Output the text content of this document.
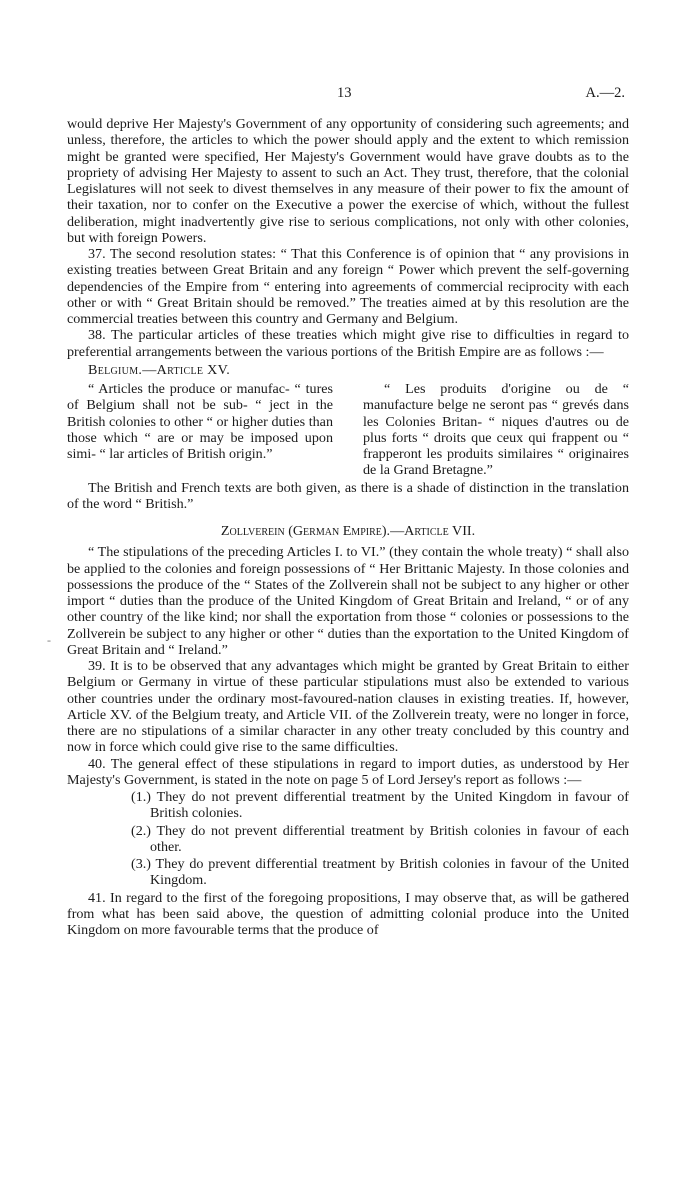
13	A.—2.
-

would deprive Her Majesty's Government of any opportunity of considering such agreements; and unless, therefore, the articles to which the power should apply and the extent to which remission might be granted were specified, Her Majesty's Government would have grave doubts as to the propriety of advising Her Majesty to assent to such an Act. They trust, therefore, that the colonial Legislatures will not seek to divest themselves in any measure of their power to fix the amount of their taxation, nor to confer on the Executive a power the exercise of which, without the fullest deliberation, might inadvertently give rise to serious complications, not only with other colonies, but with foreign Powers.

37. The second resolution states: “ That this Conference is of opinion that “ any provisions in existing treaties between Great Britain and any foreign “ Power which prevent the self-governing dependencies of the Empire from “ entering into agreements of commercial reciprocity with each other or with “ Great Britain should be removed.” The treaties aimed at by this resolution are the commercial treaties between this country and Germany and Belgium.

38. The particular articles of these treaties which might give rise to difficulties in regard to preferential arrangements between the various portions of the British Empire are as follows :—

Belgium.—Article XV.

“ Articles the produce or manufac- “ tures of Belgium shall not be sub- “ ject in the British colonies to other “ or higher duties than those which “ are or may be imposed upon simi- “ lar articles of British origin.”

“ Les produits d'origine ou de “ manufacture belge ne seront pas “ grevés dans les Colonies Britan- “ niques d'autres ou de plus forts “ droits que ceux qui frappent ou “ frapperont les produits similaires “ originaires de la Grand Bretagne.”

The British and French texts are both given, as there is a shade of distinction in the translation of the word “ British.”

Zollverein (German Empire).—Article VII.

“ The stipulations of the preceding Articles I. to VI.” (they contain the whole treaty) “ shall also be applied to the colonies and foreign possessions of “ Her Brittanic Majesty. In those colonies and possessions the produce of the “ States of the Zollverein shall not be subject to any higher or other import “ duties than the produce of the United Kingdom of Great Britain and Ireland, “ or of any other country of the like kind; nor shall the exportation from those “ colonies or possessions to the Zollverein be subject to any higher or other “ duties than the exportation to the United Kingdom of Great Britain and “ Ireland.”

39. It is to be observed that any advantages which might be granted by Great Britain to either Belgium or Germany in virtue of these particular stipulations must also be extended to various other countries under the ordinary most-favoured-nation clauses in existing treaties. If, however, Article XV. of the Belgium treaty, and Article VII. of the Zollverein treaty, were no longer in force, there are no stipulations of a similar character in any other treaty concluded by this country and now in force which could give rise to the same difficulties.

40. The general effect of these stipulations in regard to import duties, as understood by Her Majesty's Government, is stated in the note on page 5 of Lord Jersey's report as follows :—

(1.) They do not prevent differential treatment by the United Kingdom in favour of British colonies.

(2.) They do not prevent differential treatment by British colonies in favour of each other.

(3.) They do prevent differential treatment by British colonies in favour of the United Kingdom.

41. In regard to the first of the foregoing propositions, I may observe that, as will be gathered from what has been said above, the question of admitting colonial produce into the United Kingdom on more favourable terms that the produce of
